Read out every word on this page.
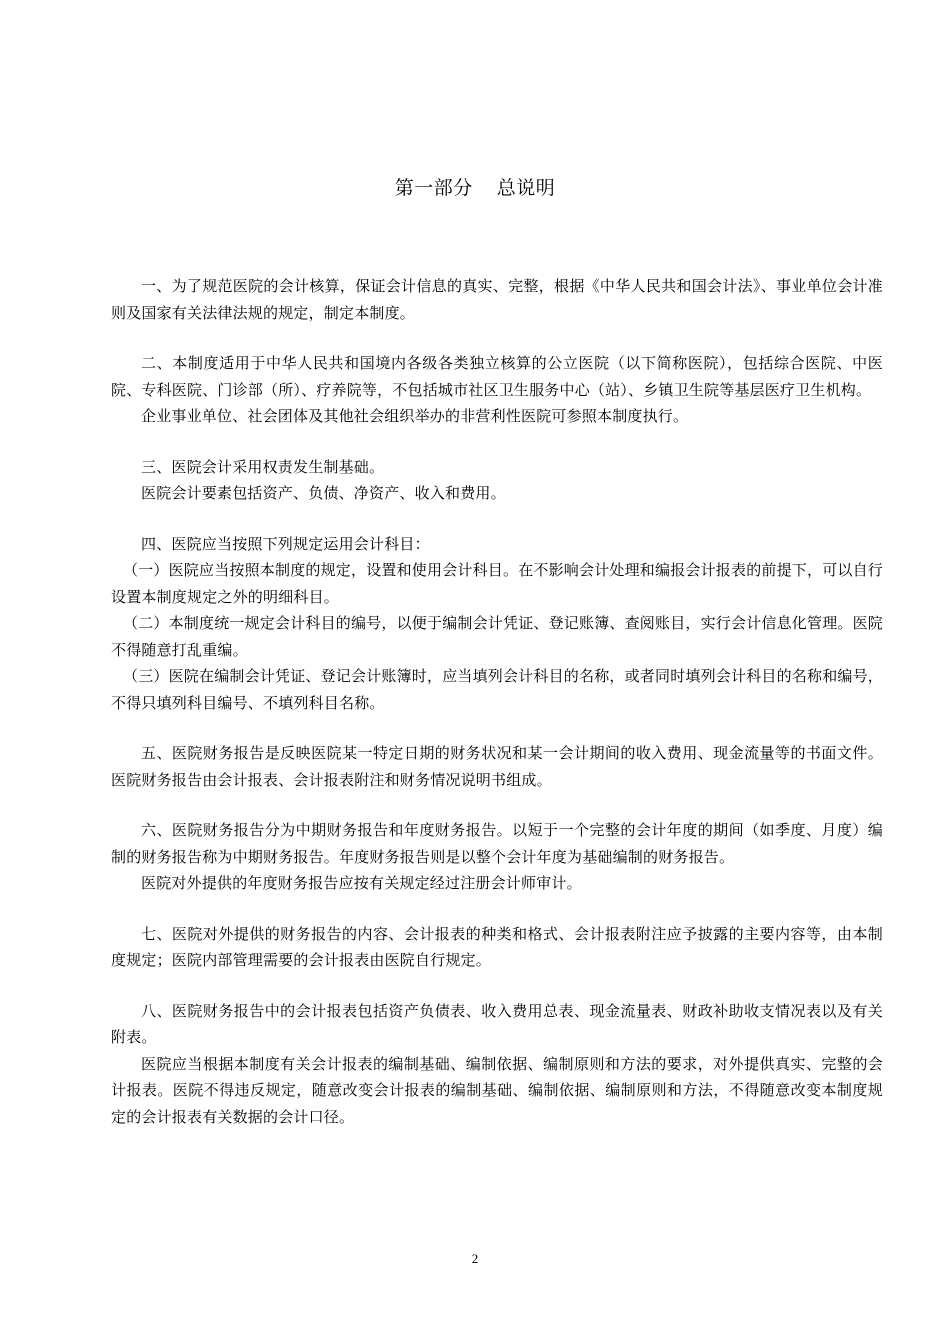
第一部分 总说明

一、为了规范医院的会计核算，保证会计信息的真实、完整，根据《中华人民共和国会计法》、事业单位会计准则及国家有关法律法规的规定，制定本制度。

二、本制度适用于中华人民共和国境内各级各类独立核算的公立医院（以下简称医院），包括综合医院、中医院、专科医院、门诊部（所）、疗养院等，不包括城市社区卫生服务中心（站）、乡镇卫生院等基层医疗卫生机构。

企业事业单位、社会团体及其他社会组织举办的非营利性医院可参照本制度执行。

三、医院会计采用权责发生制基础。

医院会计要素包括资产、负债、净资产、收入和费用。

四、医院应当按照下列规定运用会计科目：

（一）医院应当按照本制度的规定，设置和使用会计科目。在不影响会计处理和编报会计报表的前提下，可以自行设置本制度规定之外的明细科目。

（二）本制度统一规定会计科目的编号，以便于编制会计凭证、登记账簿、查阅账目，实行会计信息化管理。医院不得随意打乱重编。

（三）医院在编制会计凭证、登记会计账簿时，应当填列会计科目的名称，或者同时填列会计科目的名称和编号，不得只填列科目编号、不填列科目名称。

五、医院财务报告是反映医院某一特定日期的财务状况和某一会计期间的收入费用、现金流量等的书面文件。医院财务报告由会计报表、会计报表附注和财务情况说明书组成。

六、医院财务报告分为中期财务报告和年度财务报告。以短于一个完整的会计年度的期间（如季度、月度）编制的财务报告称为中期财务报告。年度财务报告则是以整个会计年度为基础编制的财务报告。

医院对外提供的年度财务报告应按有关规定经过注册会计师审计。

七、医院对外提供的财务报告的内容、会计报表的种类和格式、会计报表附注应予披露的主要内容等，由本制度规定；医院内部管理需要的会计报表由医院自行规定。

八、医院财务报告中的会计报表包括资产负债表、收入费用总表、现金流量表、财政补助收支情况表以及有关附表。

医院应当根据本制度有关会计报表的编制基础、编制依据、编制原则和方法的要求，对外提供真实、完整的会计报表。医院不得违反规定，随意改变会计报表的编制基础、编制依据、编制原则和方法，不得随意改变本制度规定的会计报表有关数据的会计口径。

2
